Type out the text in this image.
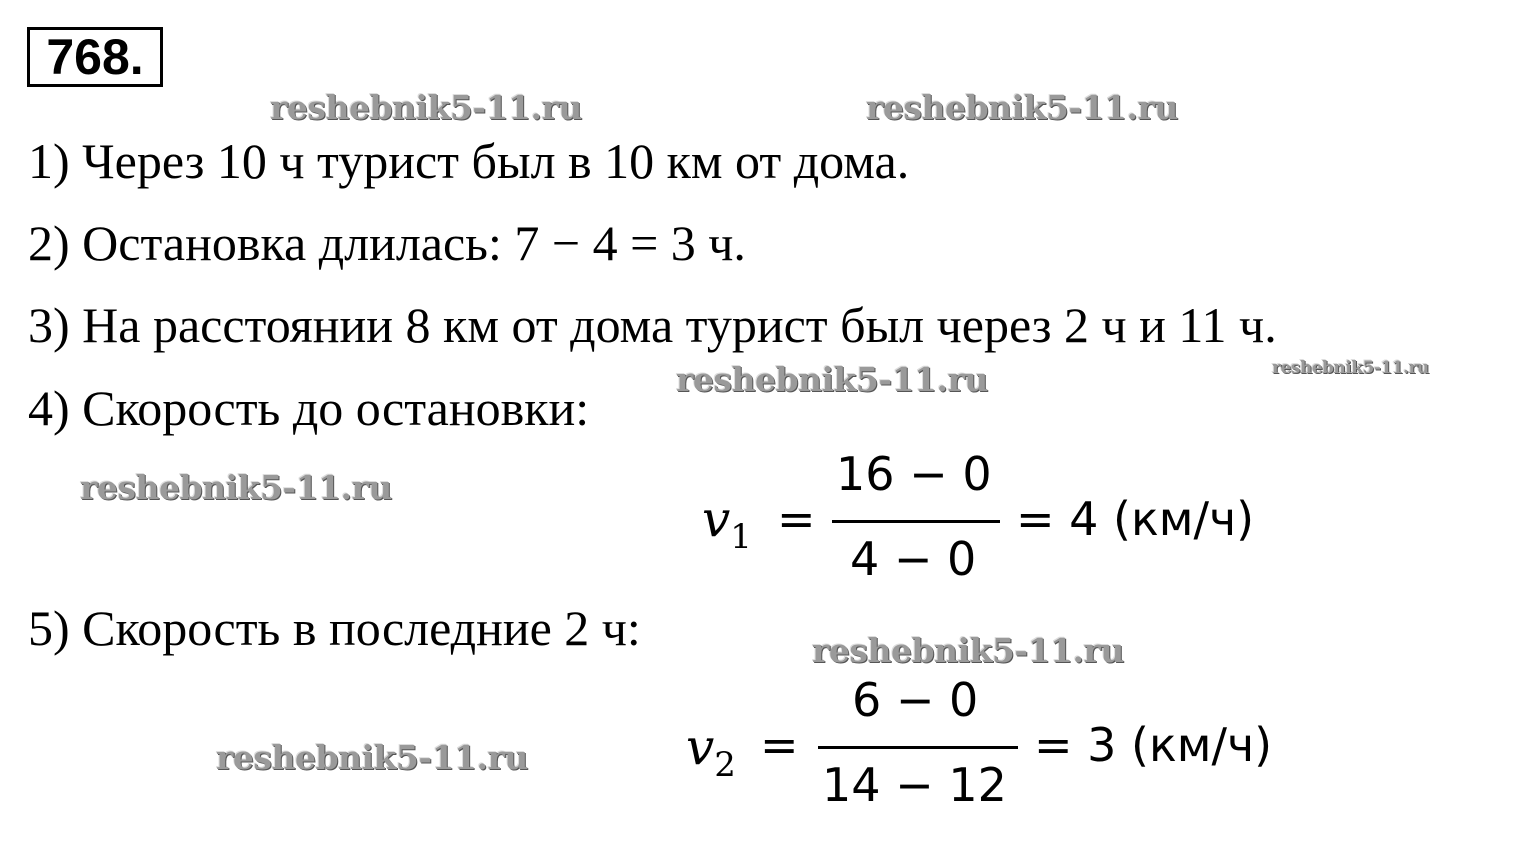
768.
reshebnik5-11.ru	reshebnik5-11.ru
reshebnik5-11.ru	reshebnik5-11.ru
reshebnik5-11.ru
reshebnik5-11.ru
reshebnik5-11.ru
1) Через 10 ч турист был в 10 км от дома.
2) Остановка длилась: 7 − 4 = 3 ч.
3) На расстоянии 8 км от дома турист был через 2 ч и 11 ч.
4) Скорость до остановки:
5) Скорость в последние 2 ч:
$v_1$ =
16 − 0
4 − 0
= 4 (км/ч)
$v_2$ =
6 − 0
14 − 12
= 3 (км/ч)
